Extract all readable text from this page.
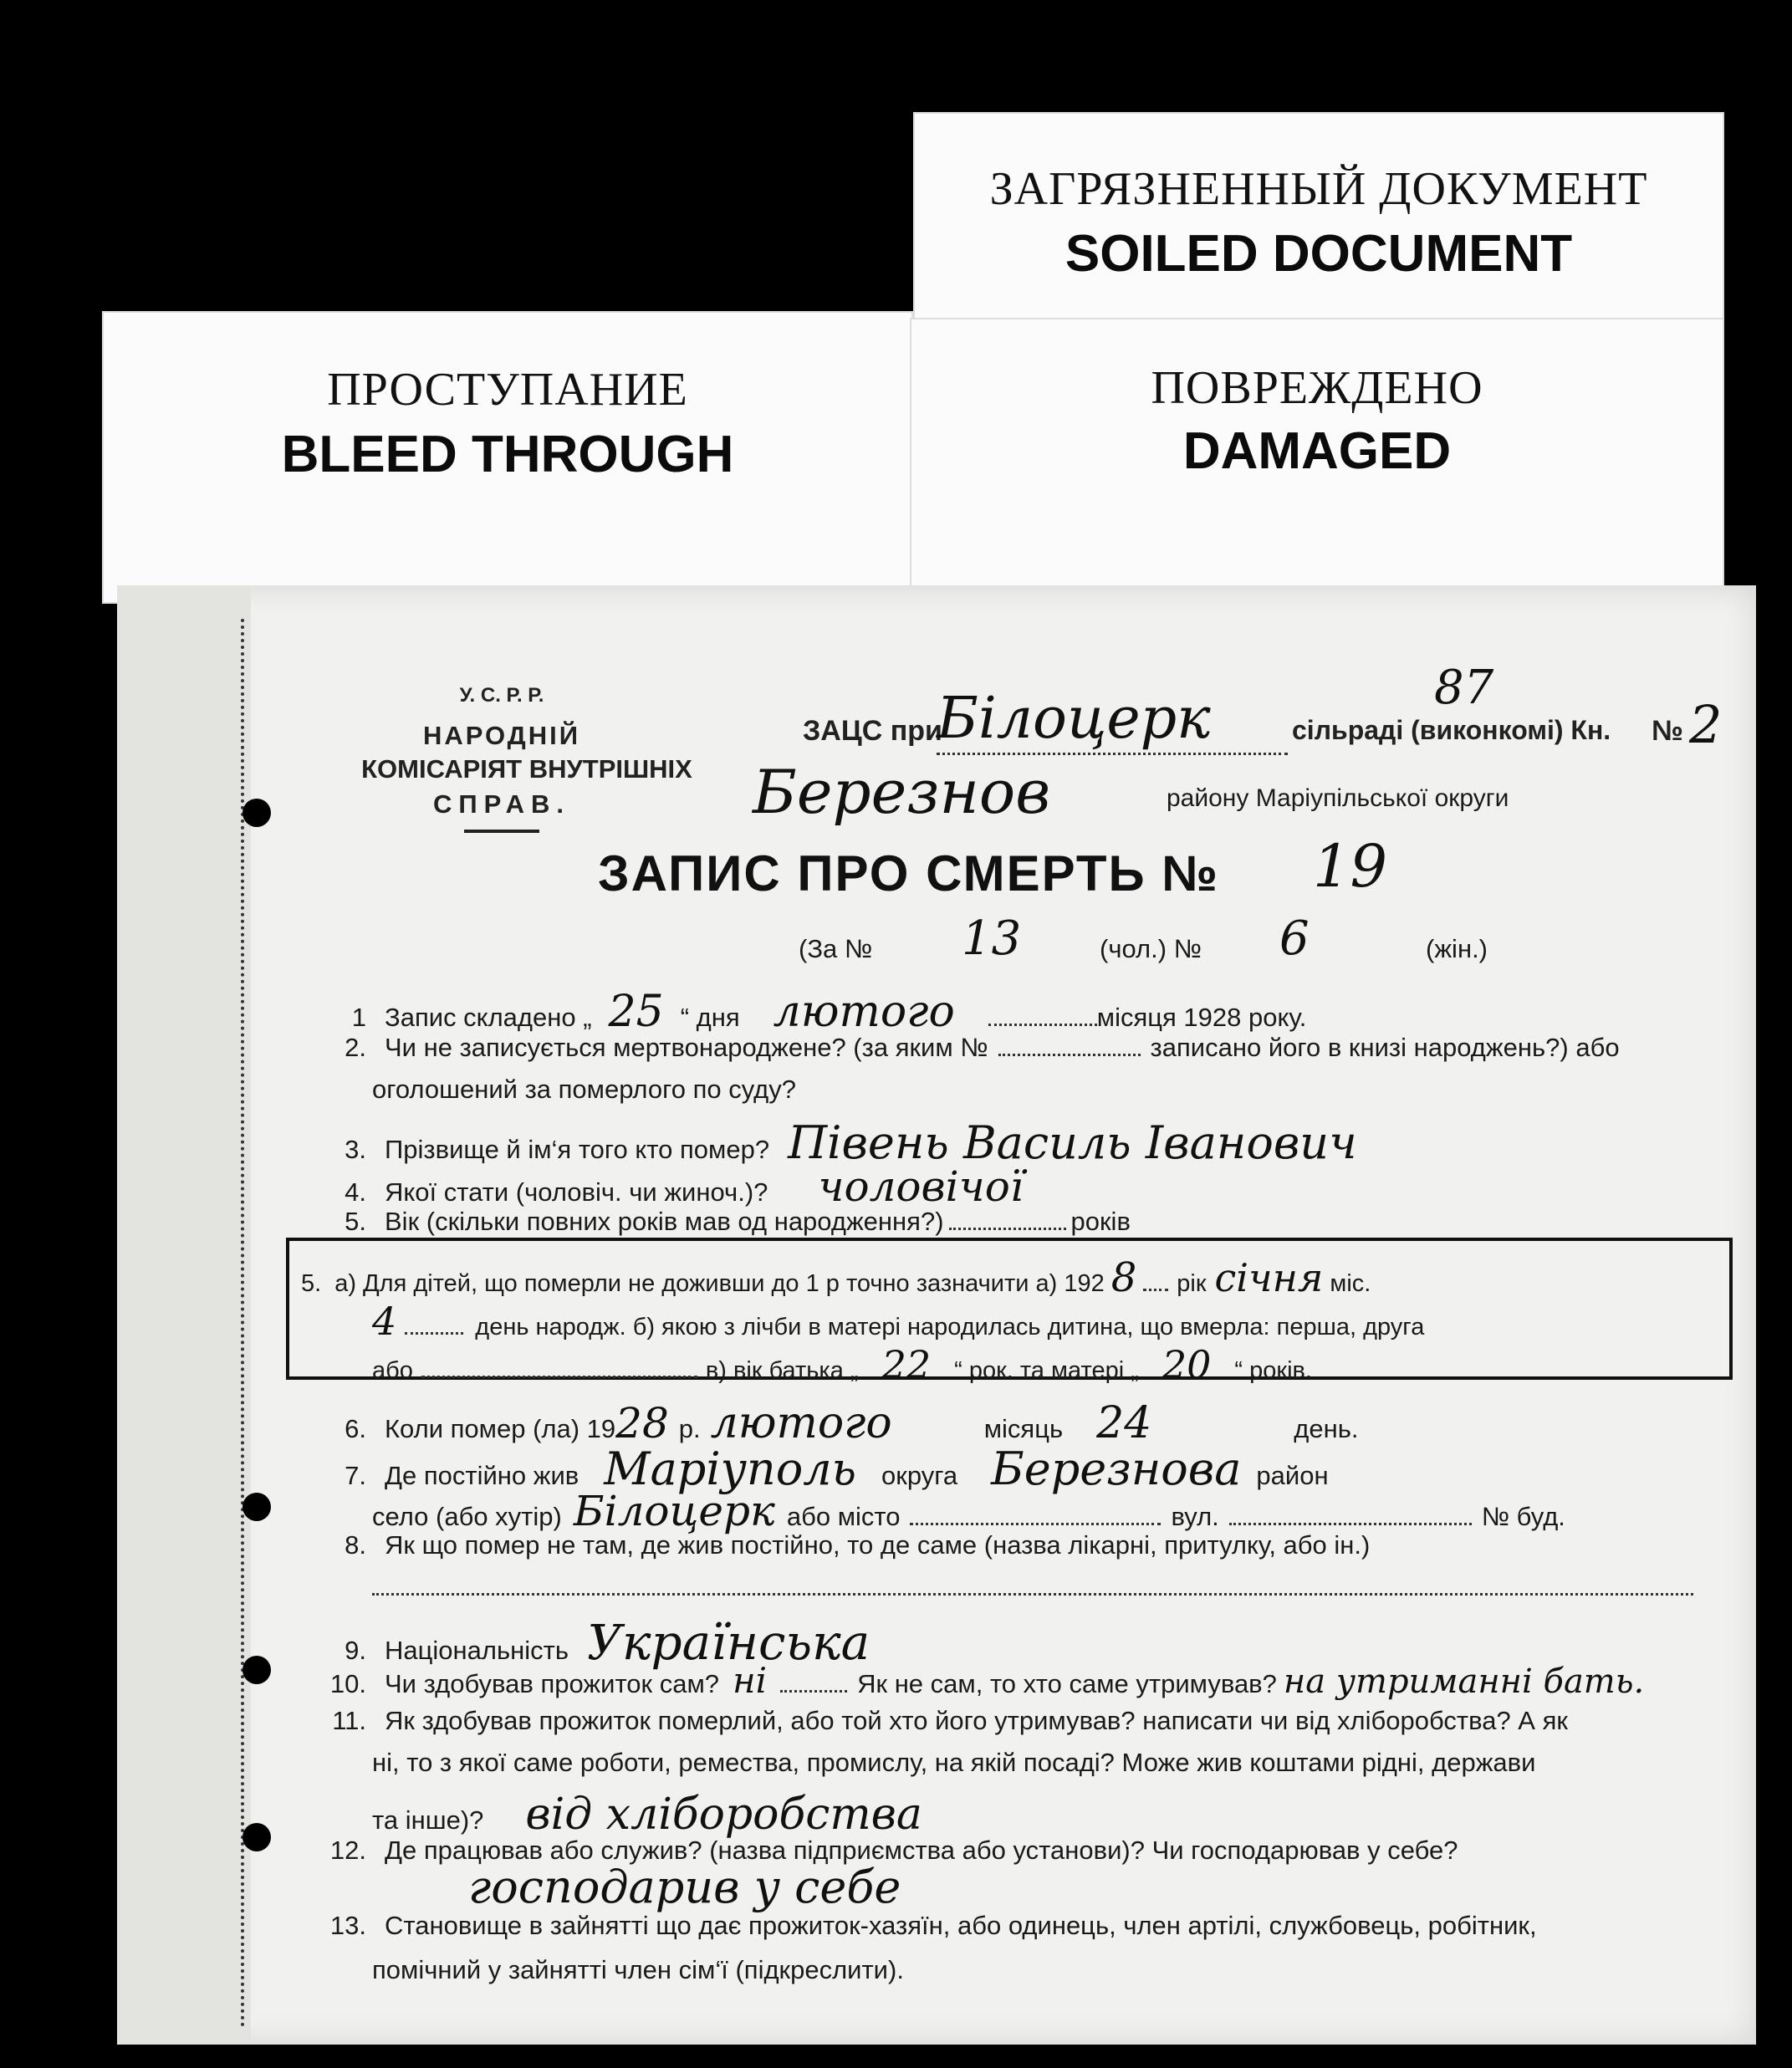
ЗАГРЯЗНЕННЫЙ ДОКУМЕНТ
SOILED DOCUMENT
ПРОСТУПАНИЕ
BLEED THROUGH
ПОВРЕЖДЕНО
DAMAGED
У. С. Р. Р.
НАРОДНІЙ
КОМІСАРІЯТ ВНУТРІШНІХ
СПРАВ.
ЗАЦС при
Білоцерк	сільраді (виконкомі) Кн. № 2
87
Березнов	району Маріупільської округи
ЗАПИС ПРО СМЕРТЬ № 19
(За № 13	(чол.) № 6	(жін.)
1 Запис складено „ 25 “ дня лютого	місяця 1928 року.
2. Чи не записується мертвонароджене? (за яким №	записано його в книзі народжень?) або
оголошений за померлого по суду?
3. Прізвище й ім‘я того кто помер? Півень Василь Іванович
4. Якої стати (чоловіч. чи жиноч.)? чоловічої
5. Вік (скільки повних років мав од народження?)	років
5. а) Для дітей, що померли не доживши до 1 р точно зазначити а) 192 8 рік січня міс.
4	день народж. б) якою з лічби в матері народилась дитина, що вмерла: перша, друга
або	в) вік батька „ 22 “ рок. та матері „ 20 “ років.
6. Коли помер (ла) 1928 р. лютого	місяць 24	день.
7. Де постійно жив Маріуполь округа Березнова район
село (або хутір) Білоцерк або місто	вул.	№ буд.
8. Як що помер не там, де жив постійно, то де саме (назва лікарні, притулку, або ін.)
9. Національність Українська
10. Чи здобував прожиток сам? ні	Як не сам, то хто саме утримував? на утриманні бать.
11. Як здобував прожиток померлий, або той хто його утримував? написати чи від хліборобства? А як
ні, то з якої саме роботи, ремества, промислу, на якій посаді? Може жив коштами рідні, держави
та інше)? від хліборобства
12. Де працював або служив? (назва підприємства або установи)? Чи господарював у себе?
господарив у себе
13. Становище в зайнятті що дає прожиток-хазяїн, або одинець, член артілі, службовець, робітник,
помічний у зайнятті член сім‘ї (підкреслити).
